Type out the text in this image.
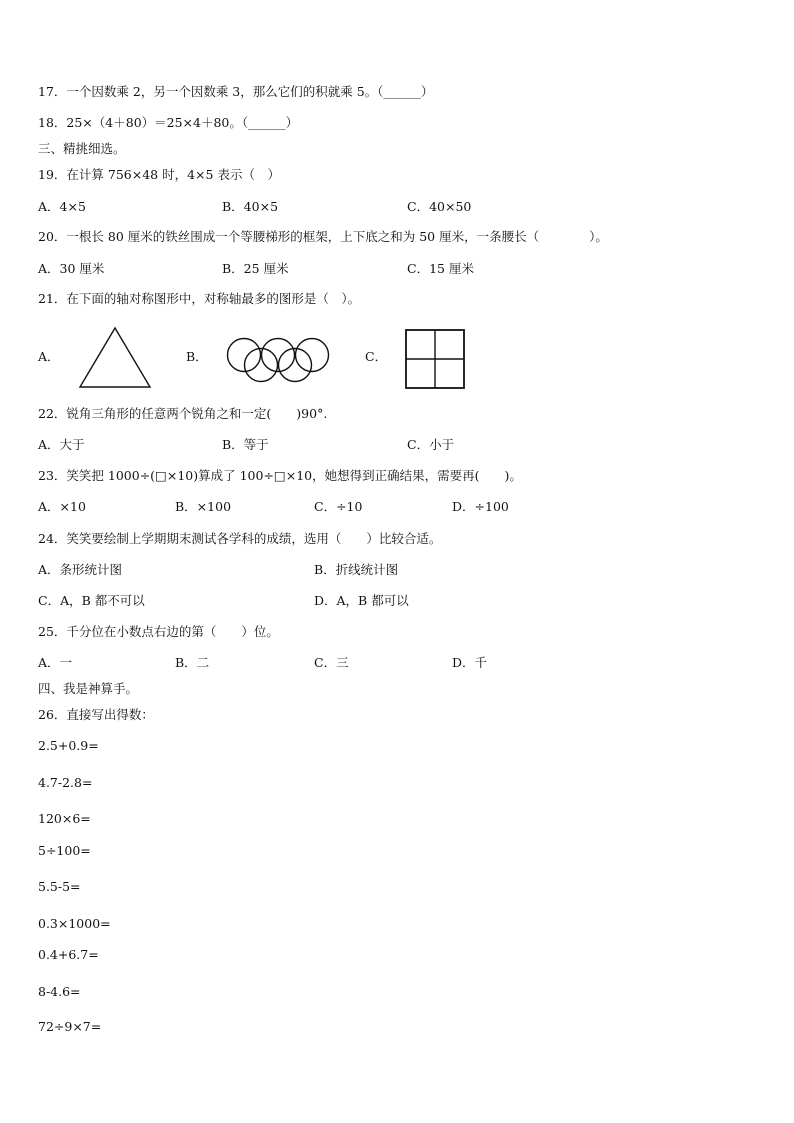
17．一个因数乘 2，另一个因数乘 3，那么它们的积就乘 5。（______）
18．25×（4＋80）＝25×4＋80。（______）
三、精挑细选。
19．在计算 756×48 时，4×5 表示（　）
A．4×5	B．40×5	C．40×50
20．一根长 80 厘米的铁丝围成一个等腰梯形的框架，上下底之和为 50 厘米，一条腰长（　　　　）。
A．30 厘米	B．25 厘米	C．15 厘米
21．在下面的轴对称图形中，对称轴最多的图形是（　）。
A．	B．	C．
22．锐角三角形的任意两个锐角之和一定(　　)90°.
A．大于	B．等于	C．小于
23．笑笑把 1000÷(□×10)算成了 100÷□×10，她想得到正确结果，需要再(　　)。
A．×10	B．×100	C．÷10	D．÷100
24．笑笑要绘制上学期期末测试各学科的成绩，选用（　　）比较合适。
A．条形统计图	B．折线统计图
C．A，B 都不可以	D．A，B 都可以
25．千分位在小数点右边的第（　　）位。
A．一	B．二	C．三	D．千
四、我是神算手。
26．直接写出得数：
2.5+0.9=
4.7-2.8=
120×6=
5÷100=
5.5-5=
0.3×1000=
0.4+6.7=
8-4.6=
72÷9×7=
